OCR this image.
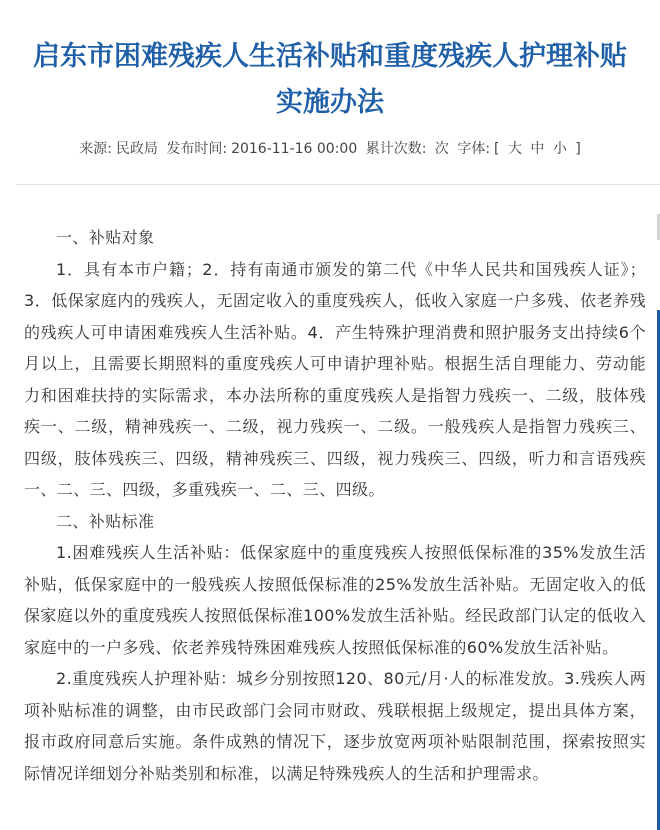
启东市困难残疾人生活补贴和重度残疾人护理补贴
实施办法
来源: 民政局 发布时间: 2016-11-16 00:00 累计次数: 次 字体: [ 大 中 小 ]

一、补贴对象

1．具有本市户籍；2．持有南通市颁发的第二代《中华人民共和国残疾人证》；3．低保家庭内的残疾人，无固定收入的重度残疾人，低收入家庭一户多残、依老养残的残疾人可申请困难残疾人生活补贴。4．产生特殊护理消费和照护服务支出持续6个月以上，且需要长期照料的重度残疾人可申请护理补贴。根据生活自理能力、劳动能力和困难扶持的实际需求，本办法所称的重度残疾人是指智力残疾一、二级，肢体残疾一、二级，精神残疾一、二级，视力残疾一、二级。一般残疾人是指智力残疾三、四级，肢体残疾三、四级，精神残疾三、四级，视力残疾三、四级，听力和言语残疾一、二、三、四级，多重残疾一、二、三、四级。

二、补贴标准

1.困难残疾人生活补贴：低保家庭中的重度残疾人按照低保标准的35%发放生活补贴，低保家庭中的一般残疾人按照低保标准的25%发放生活补贴。无固定收入的低保家庭以外的重度残疾人按照低保标准100%发放生活补贴。经民政部门认定的低收入家庭中的一户多残、依老养残特殊困难残疾人按照低保标准的60%发放生活补贴。

2.重度残疾人护理补贴：城乡分别按照120、80元/月·人的标准发放。3.残疾人两项补贴标准的调整，由市民政部门会同市财政、残联根据上级规定，提出具体方案，报市政府同意后实施。条件成熟的情况下，逐步放宽两项补贴限制范围，探索按照实际情况详细划分补贴类别和标准，以满足特殊残疾人的生活和护理需求。
